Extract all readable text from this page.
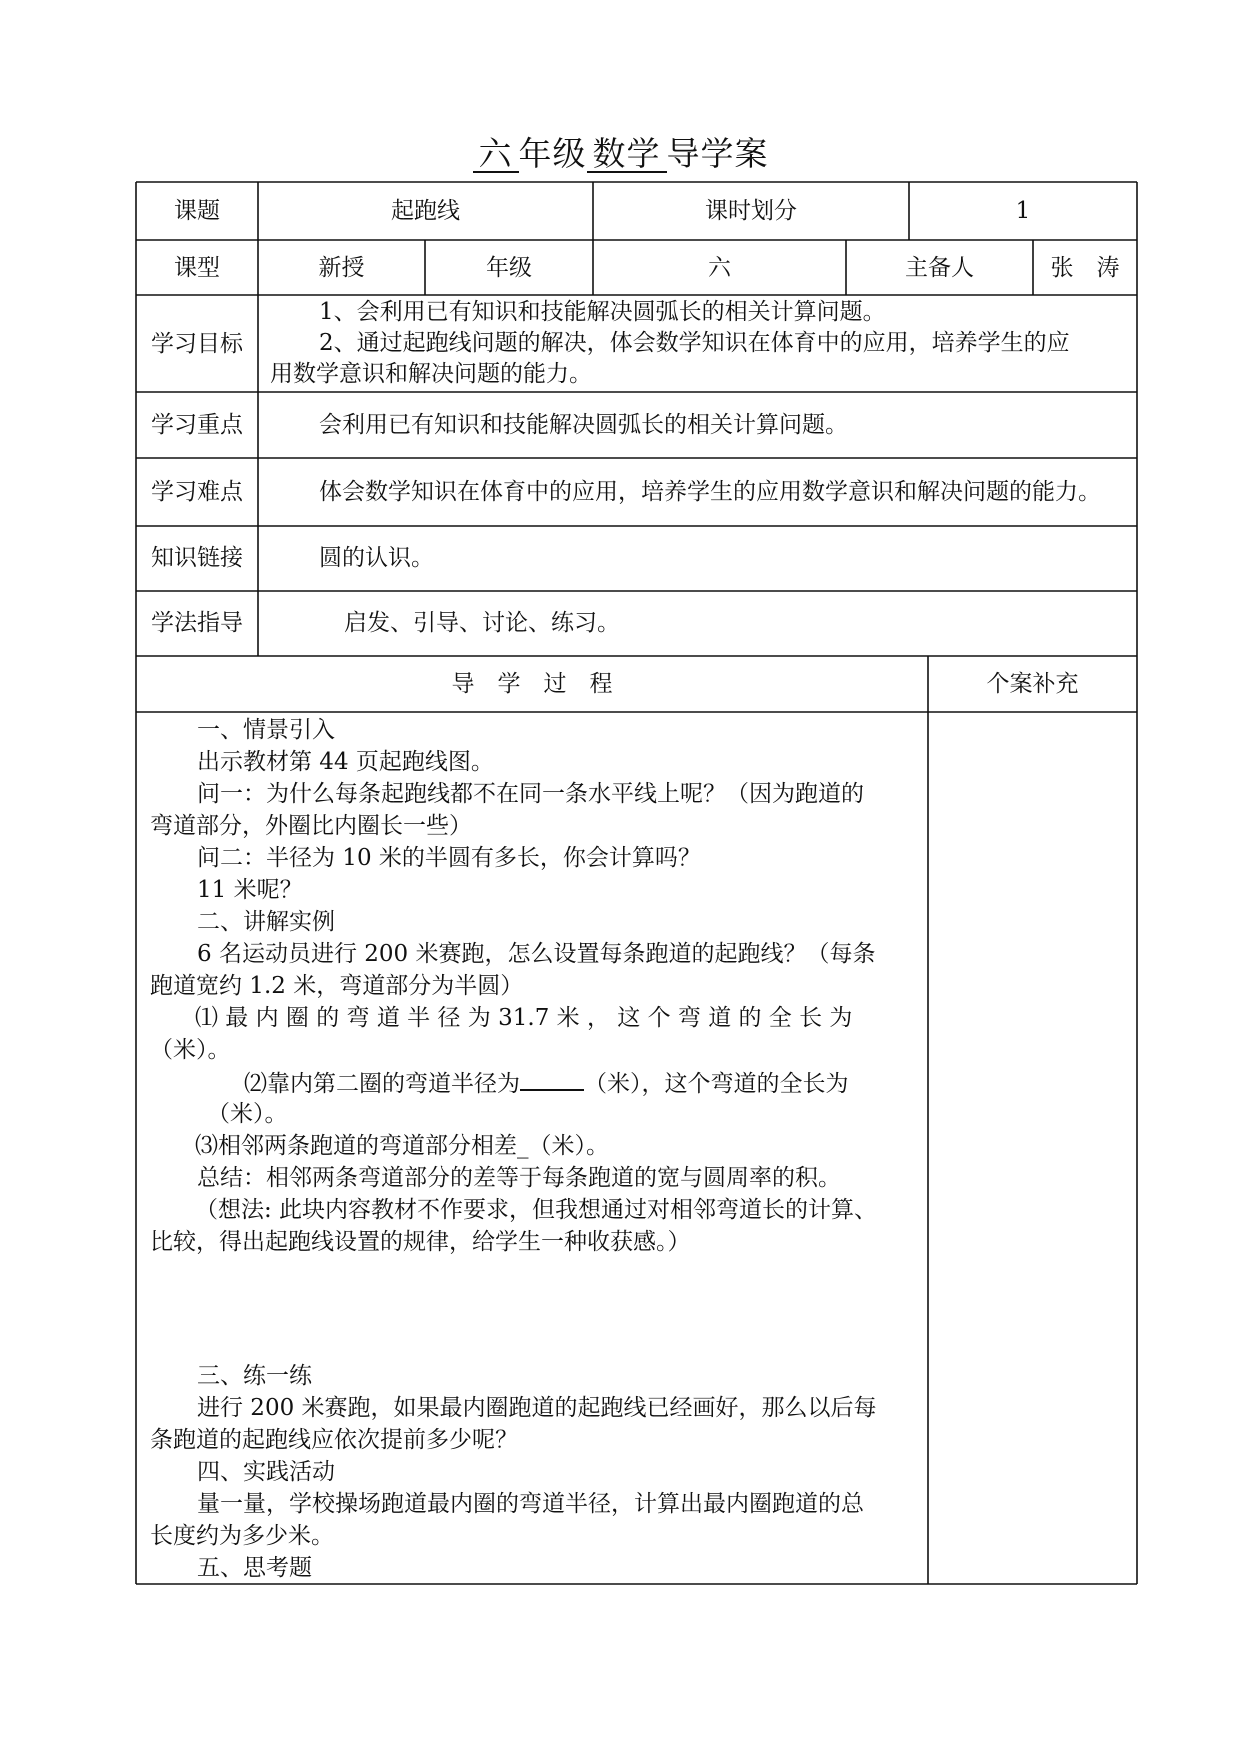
六 年级 数学 导学案
课题	起跑线	课时划分	1
课型	新授	年级	六	主备人	张　涛
学习目标
1、会利用已有知识和技能解决圆弧长的相关计算问题。
2、通过起跑线问题的解决，体会数学知识在体育中的应用，培养学生的应
用数学意识和解决问题的能力。
学习重点	会利用已有知识和技能解决圆弧长的相关计算问题。
学习难点	体会数学知识在体育中的应用，培养学生的应用数学意识和解决问题的能力。
知识链接	圆的认识。
学法指导	启发、引导、讨论、练习。
导　学　过　程	个案补充
一、情景引入
出示教材第 44 页起跑线图。
问一：为什么每条起跑线都不在同一条水平线上呢？（因为跑道的
弯道部分，外圈比内圈长一些）
问二：半径为 10 米的半圆有多长，你会计算吗？
11 米呢？
二、讲解实例
6 名运动员进行 200 米赛跑，怎么设置每条跑道的起跑线？（每条
跑道宽约 1.2 米，弯道部分为半圆）
⑴ 最 内 圈 的 弯 道 半 径 为 31.7 米 ， 这 个 弯 道 的 全 长 为
（米）。
⑵靠内第二圈的弯道半径为	（米），这个弯道的全长为
（米）。
⑶相邻两条跑道的弯道部分相差_（米）。
总结：相邻两条弯道部分的差等于每条跑道的宽与圆周率的积。
（想法: 此块内容教材不作要求，但我想通过对相邻弯道长的计算、
比较，得出起跑线设置的规律，给学生一种收获感。）
三、练一练
进行 200 米赛跑，如果最内圈跑道的起跑线已经画好，那么以后每
条跑道的起跑线应依次提前多少呢？
四、实践活动
量一量，学校操场跑道最内圈的弯道半径，计算出最内圈跑道的总
长度约为多少米。
五、思考题
